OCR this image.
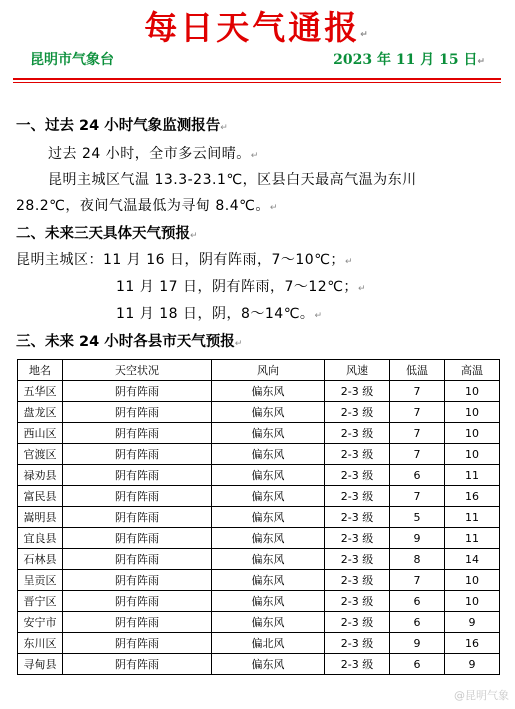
每日天气通报↵
昆明市气象台	2023 年 11 月 15 日↵
一、过去 24 小时气象监测报告↵
过去 24 小时，全市多云间晴。↵
昆明主城区气温 13.3-23.1℃，区县白天最高气温为东川
28.2℃，夜间气温最低为寻甸 8.4℃。↵
二、未来三天具体天气预报↵
昆明主城区：11 月 16 日，阴有阵雨，7～10℃；↵
11 月 17 日，阴有阵雨，7～12℃；↵
11 月 18 日，阴，8～14℃。↵
三、未来 24 小时各县市天气预报↵
地名	天空状况	风向	风速	低温	高温
五华区	阴有阵雨	偏东风	2-3 级	7	10
盘龙区	阴有阵雨	偏东风	2-3 级	7	10
西山区	阴有阵雨	偏东风	2-3 级	7	10
官渡区	阴有阵雨	偏东风	2-3 级	7	10
禄劝县	阴有阵雨	偏东风	2-3 级	6	11
富民县	阴有阵雨	偏东风	2-3 级	7	16
嵩明县	阴有阵雨	偏东风	2-3 级	5	11
宜良县	阴有阵雨	偏东风	2-3 级	9	11
石林县	阴有阵雨	偏东风	2-3 级	8	14
呈贡区	阴有阵雨	偏东风	2-3 级	7	10
晋宁区	阴有阵雨	偏东风	2-3 级	6	10
安宁市	阴有阵雨	偏东风	2-3 级	6	9
东川区	阴有阵雨	偏北风	2-3 级	9	16
寻甸县	阴有阵雨	偏东风	2-3 级	6	9
@昆明气象
